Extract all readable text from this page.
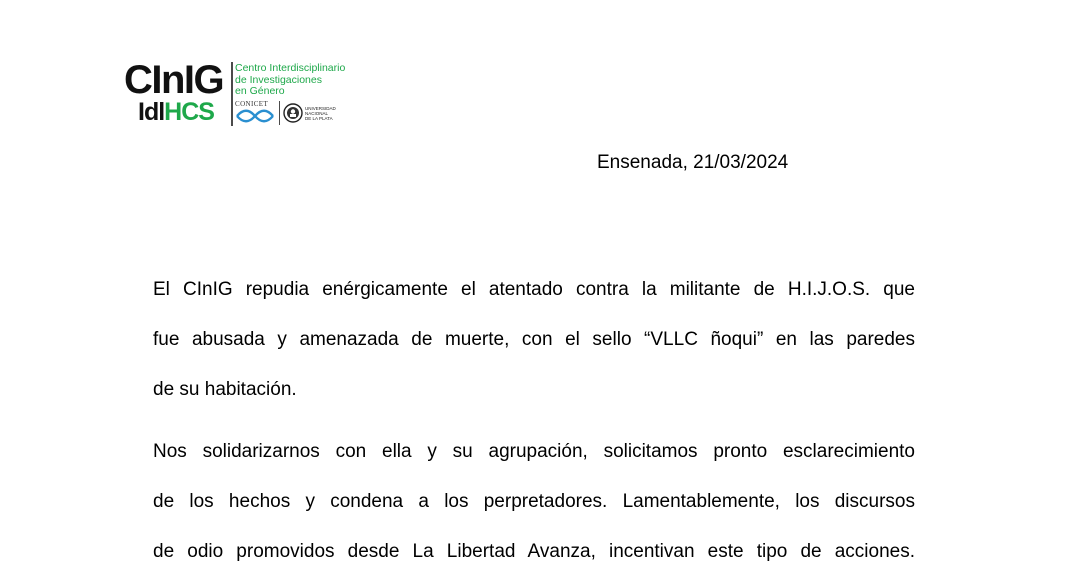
CInIG
IdlHCS
Centro Interdisciplinario
de Investigaciones
en Género
CONICET
UNIVERSIDAD
NACIONAL
DE LA PLATA
Ensenada, 21/03/2024
El CInIG repudia enérgicamente el atentado contra la militante de H.I.J.O.S. que
fue abusada y amenazada de muerte, con el sello “VLLC ñoqui” en las paredes
de su habitación.
Nos solidarizarnos con ella y su agrupación, solicitamos pronto esclarecimiento
de los hechos y condena a los perpretadores. Lamentablemente, los discursos
de odio promovidos desde La Libertad Avanza, incentivan este tipo de acciones.
